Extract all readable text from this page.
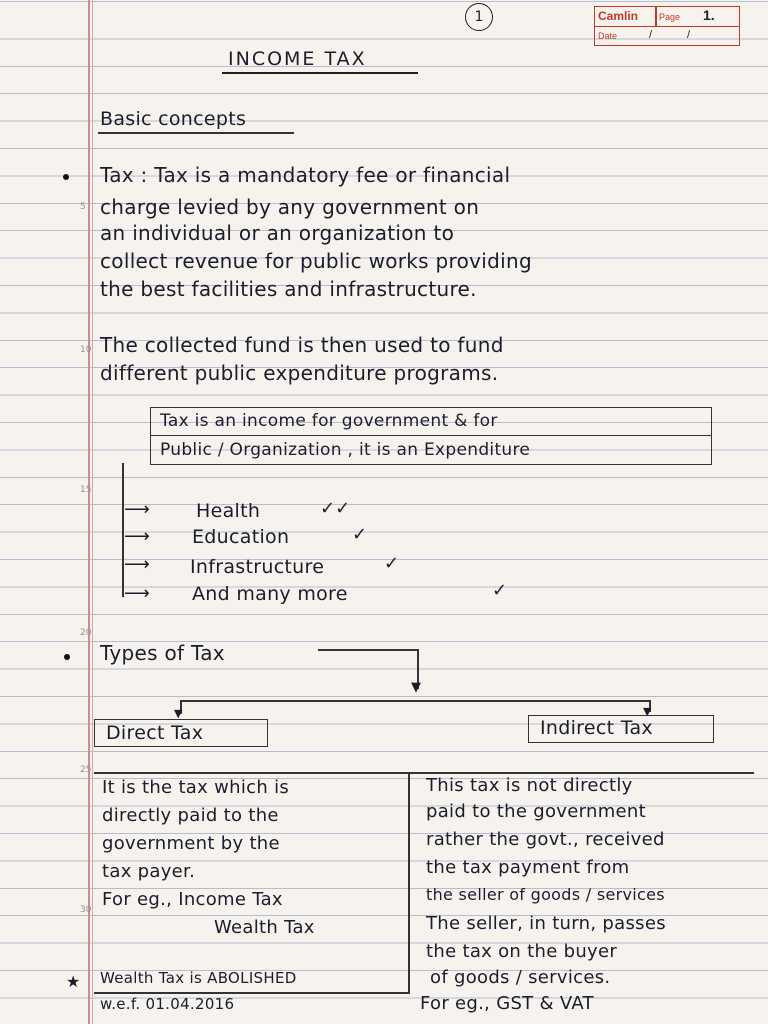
1	Camlin Page 1.
Date	/	/
INCOME TAX
Basic concepts
Tax : Tax is a mandatory fee or financial
charge levied by any government on
an individual or an organization to
collect revenue for public works providing
the best facilities and infrastructure.
The collected fund is then used to fund
different public expenditure programs.
Tax is an income for government & for
Public / Organization , it is an Expenditure
⟶
⟶
⟶
⟶
Health
Education
Infrastructure
And many more
✓✓
✓
✓
✓
Types of Tax
▼
▼	▼
Direct Tax	Indirect Tax
It is the tax which is
directly paid to the
government by the
tax payer.
For eg., Income Tax
Wealth Tax
This tax is not directly
paid to the government
rather the govt., received
the tax payment from
the seller of goods / services
The seller, in turn, passes
the tax on the buyer
of goods / services.
★ Wealth Tax is ABOLISHED
w.e.f. 01.04.2016	For eg., GST & VAT
5
10
15
20
25
30
